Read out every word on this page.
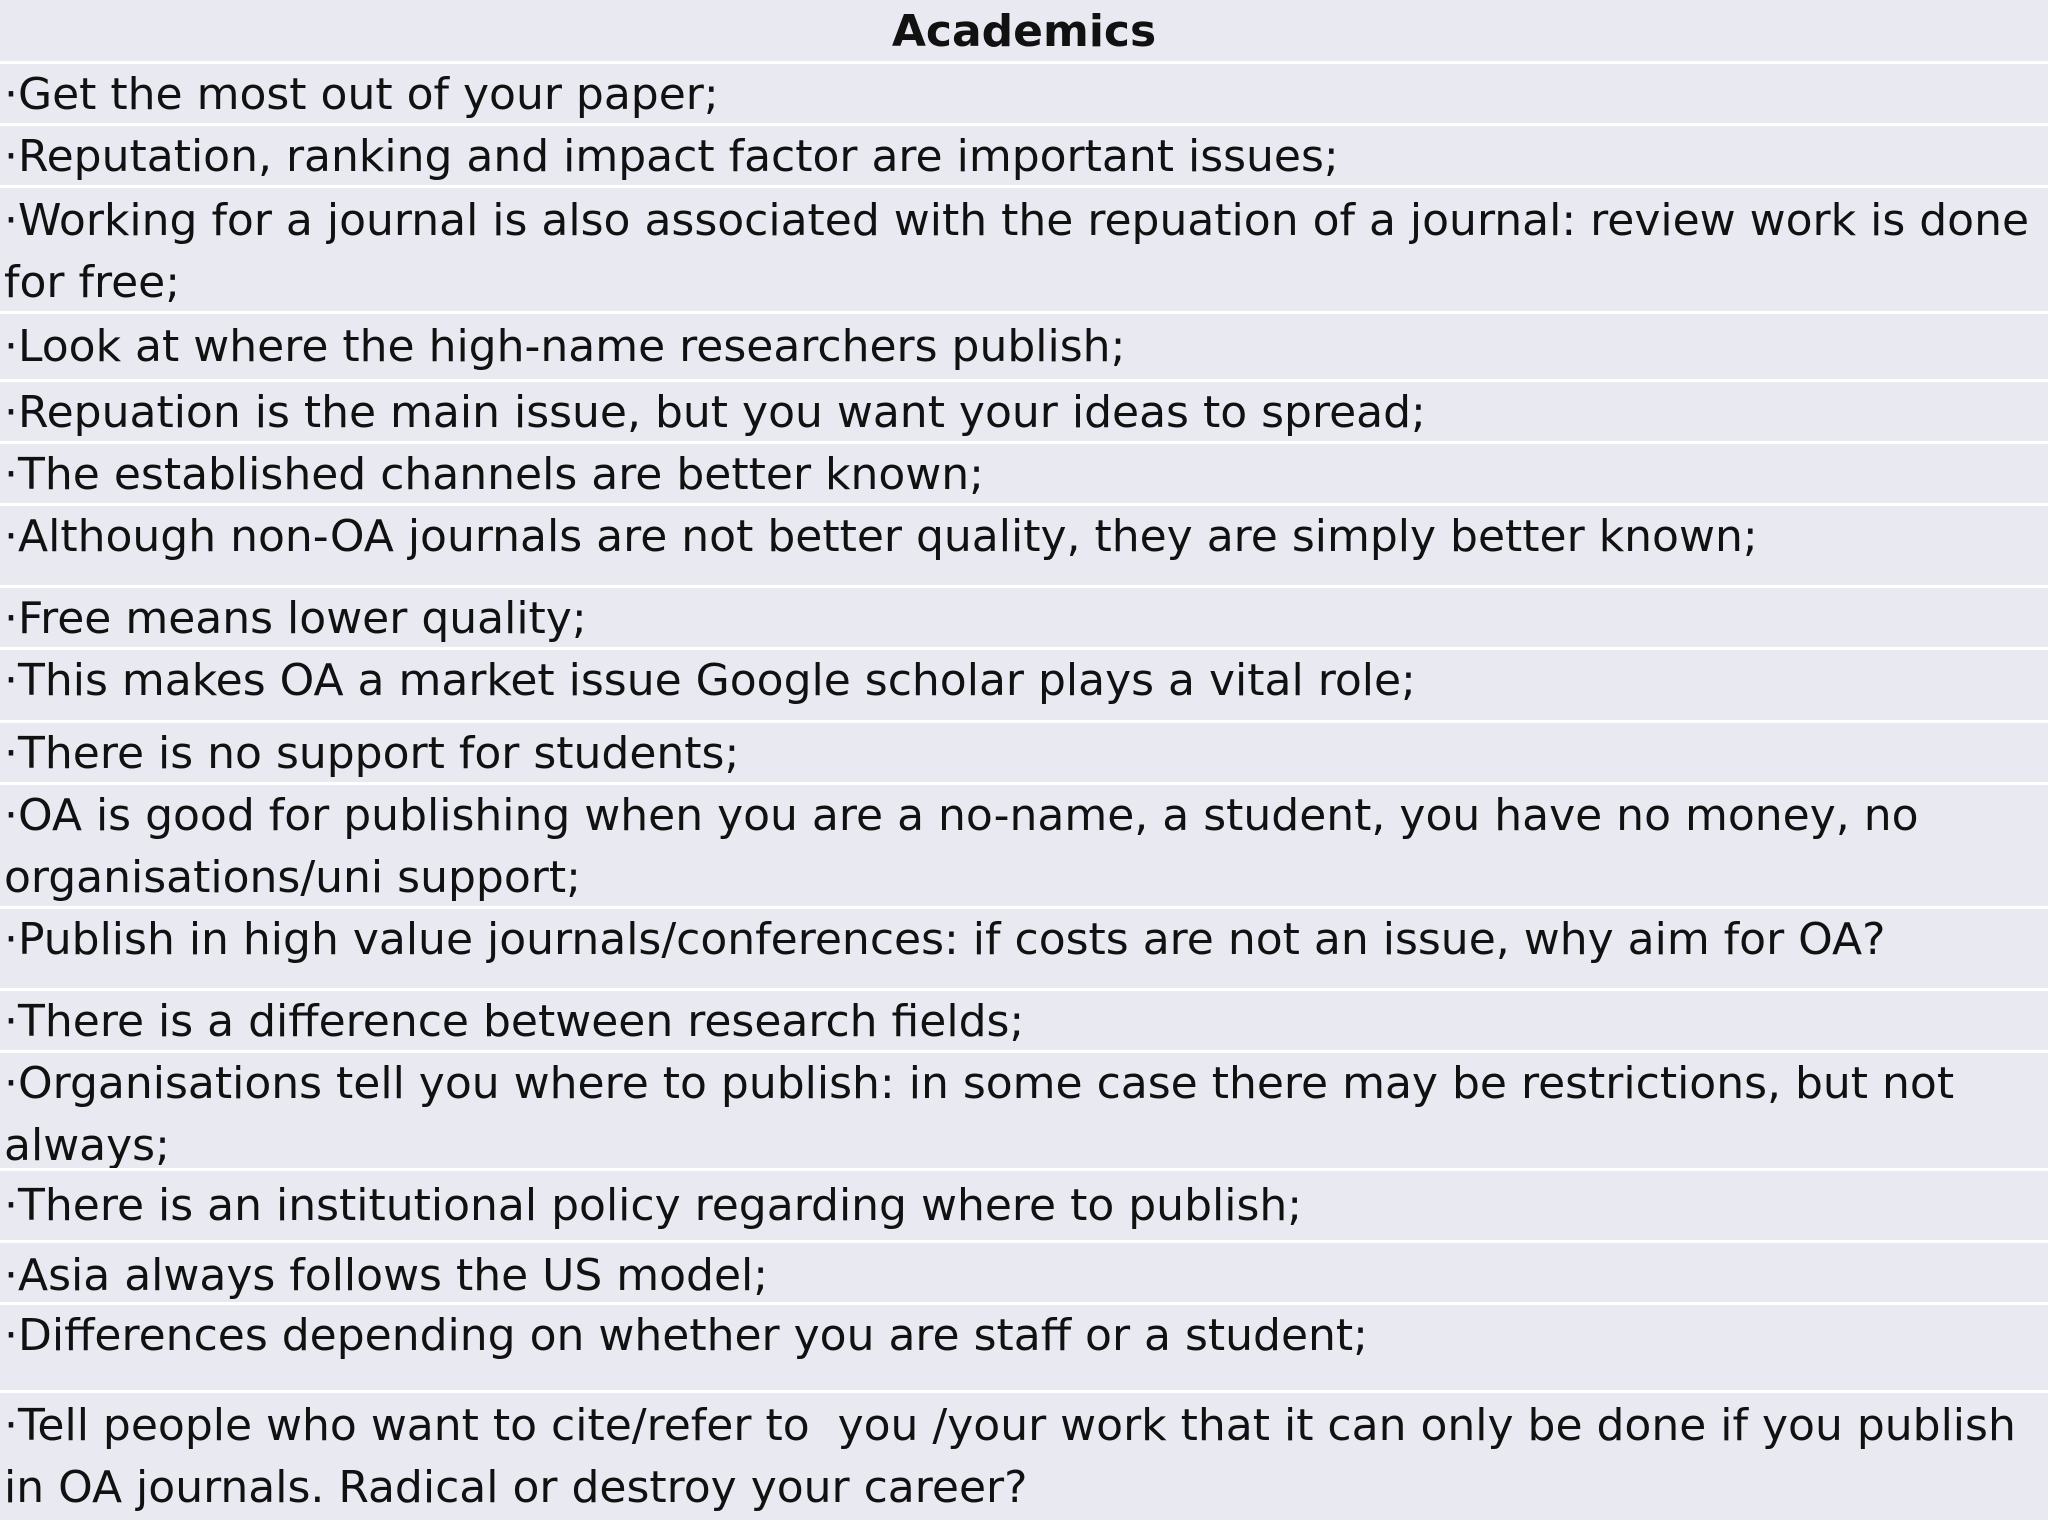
Academics
·Get the most out of your paper;
·Reputation, ranking and impact factor are important issues;
·Working for a journal is also associated with the repuation of a journal: review work is done for free;
·Look at where the high-name researchers publish;
·Repuation is the main issue, but you want your ideas to spread;
·The established channels are better known;
·Although non-OA journals are not better quality, they are simply better known;
·Free means lower quality;
·This makes OA a market issue Google scholar plays a vital role;
·There is no support for students;
·OA is good for publishing when you are a no-name, a student, you have no money, no organisations/uni support;
·Publish in high value journals/conferences: if costs are not an issue, why aim for OA?
·There is a difference between research fields;
·Organisations tell you where to publish: in some case there may be restrictions, but not always;
·There is an institutional policy regarding where to publish;
·Asia always follows the US model;
·Differences depending on whether you are staff or a student;
·Tell people who want to cite/refer to  you /your work that it can only be done if you publish in OA journals. Radical or destroy your career?
